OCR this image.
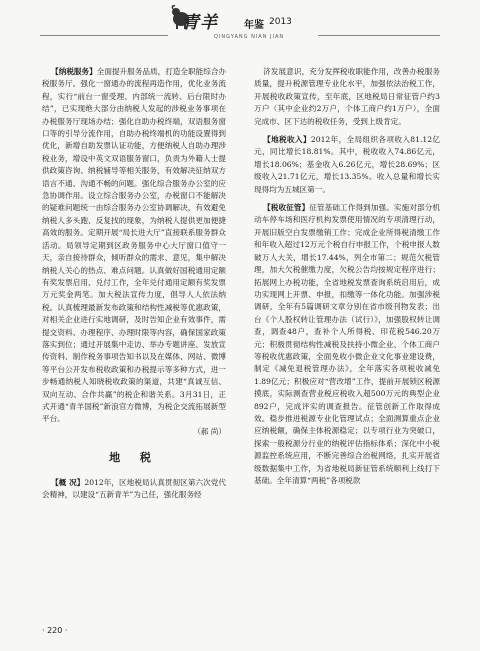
青羊	年鉴 2013
QINGYANG NIAN JIAN

【纳税服务】全面提升服务品质，打造全职能综合办税服务厅。强化一窗通办的流程再造作用，优化业务流程，实行“前台一窗受理、内部统一流转、后台限时办结”，已实现绝大部分由纳税人发起的涉税业务事项在办税服务厅现场办结；强化自助办税终端，双语服务窗口等的引导分流作用，自助办税终端机的功能设置得到优化，新增自助发票认证功能，方便纳税人自助办理涉税业务，增设中英文双语服务窗口，负责为外籍人士提供政策咨询、纳税辅导等相关服务，有效解决征纳双方语言不通、沟通不畅的问题。强化综合服务办公室的应急协调作用。设立综合服务办公室，办税窗口不能解决的疑难问题统一由综合服务办公室协调解决，有效避免纳税人多头跑、反复找的现象，为纳税人提供更加便捷高效的服务。定期开展“局长进大厅”直接联系服务群众活动。局领导定期到区政务服务中心大厅窗口值守一天，亲自接待群众，倾听群众的需求、意见，集中解决纳税人关心的热点、难点问题。认真做好国税通用定额有奖发票启用、兑付工作，全年兑付通用定额有奖发票万元奖金两笔。加大税法宣传力度，倡导人人依法纳税。认真梳理最新发布政策和结构性减税等优惠政策，对相关企业进行实地调研，及时告知企业有效事件，需提交资料、办理程序、办理时限等内容，确保国家政策落实到位；通过开展集中走访、举办专题讲座、发放宣传资料、制作税务事项告知书以及在媒体、网站、微博等平台公开发布税收政策和办税提示等多种方式，进一步畅通纳税人知晓税收政策的渠道，共建“真诚互信、双向互动、合作共赢”的税企和谐关系。3月31日，正式开通“青羊国税”新浪官方微博，为税企交流拓展新型平台。
（郝 尚）

地 税

【概 况】2012年，区地税局认真贯彻区第六次党代会精神，以建设“五新青羊”为己任，强化服务经

济发展意识，充分发挥税收职能作用，改善办税服务质量，提升税源管理专业化水平，加强依法治税工作，开展税收政策宣传，至年底，区地税局日常征管户约3万户（其中企业约2万户，个体工商户约1万户），全面完成市、区下达的税收任务，受到上级肯定。

【地税收入】2012年，全局组织各项收入81.12亿元，同比增长18.81%。其中，税收收入74.86亿元，增长18.06%；基金收入6.26亿元，增长28.69%；区级收入21.71亿元，增长13.35%。收入总量和增长实现得均为五城区第一。

【税收征管】征管基础工作得到加强。实施对部分机动车停车场和医疗机构发票使用情况的专项清理行动，开展旧版空白发票缴销工作；完成企业所得税清缴工作和年收入超过12万元个税自行申报工作，个税申报人数破万人大关，增长17.44%，列全市第二；规范欠税管理，加大欠税催缴力度，欠税公告均按规定程序进行；拓展网上办税功能，全省地税发票查询系统启用后，成功实现网上开票、申报，扣缴等一体化功能。加强涉税调研，全年有5篇调研文章分别在省市级刊物发表；出台《个人股权转让管理办法（试行）》，加强股权转让调查，调查48户，查补个人所得税、印花税546.20万元；积极贯彻结构性减税及扶持小微企业、个体工商户等税收优惠政策，全面免收小微企业文化事业建设费，制定《减免退税管理办法》，全年落实各项税收减免1.89亿元；积极应对“营改增”工作，提前开展锁区税源摸底，实际测查营业税应税收入超500万元的典型企业892户，完成评实的调查报告。征管创新工作取得成效。稳步推进税源专业化管理试点；全面测算重点企业应纳税额，确保主体税源稳定；以专项行业为突破口，探索一般税源分行业的纳税评估指标体系；深化中小税源监控系统应用，不断完善综合治税网络，扎实开展省级数据集中工作，为省地税局新征管系统顺利上线打下基础。全年清算“两税”各项税款

· 220 ·
